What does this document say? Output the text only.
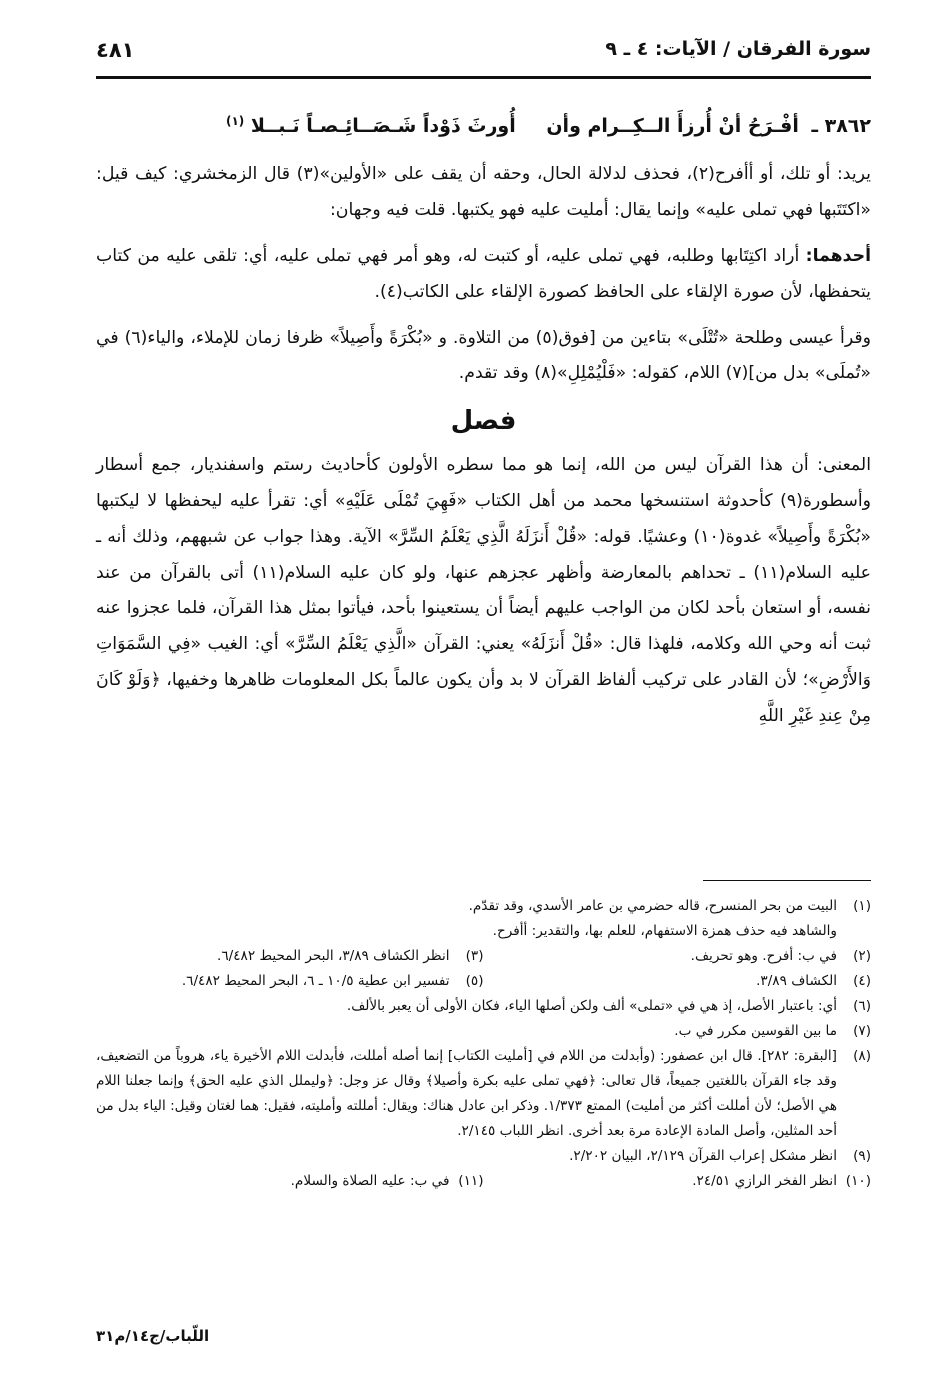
سورة الفرقان / الآيات: ٤ ـ ٩
٤٨١
٣٨٦٢ ـ أفْـرَحُ أنْ أُرزأَ الــكِــرام وأن أُورثَ ذَوْداً شَـصَــائِـصـاً نَـبــلا (١)

يريد: أو تلك، أو أأفرح(٢)، فحذف لدلالة الحال، وحقه أن يقف على «الأولين»(٣) قال الزمخشري: كيف قيل: «اكتَتَبها فهي تملى عليه» وإنما يقال: أمليت عليه فهو يكتبها. قلت فيه وجهان:

أحدهما: أراد اكتِتَابها وطلبه، فهي تملى عليه، أو كتبت له، وهو أمر فهي تملى عليه، أي: تلقى عليه من كتاب يتحفظها، لأن صورة الإلقاء على الحافظ كصورة الإلقاء على الكاتب(٤).

وقرأ عيسى وطلحة «تُتْلَى» بتاءين من [فوق(٥) من التلاوة. و «بُكْرَةً وأَصِيلاً» ظرفا زمان للإملاء، والياء(٦) في «تُملَى» بدل من](٧) اللام، كقوله: «فَلْيُمْلِلِ»(٨) وقد تقدم.

فصل

المعنى: أن هذا القرآن ليس من الله، إنما هو مما سطره الأولون كأحاديث رستم واسفنديار، جمع أسطار وأسطورة(٩) كأحدوثة استنسخها محمد من أهل الكتاب «فَهِيَ تُمْلَى عَلَيْهِ» أي: تقرأ عليه ليحفظها لا ليكتبها «بُكْرَةً وأَصِيلاً» غدوة(١٠) وعشيًا. قوله: «قُلْ أَنزَلَهُ الَّذِي يَعْلَمُ السِّرَّ» الآية. وهذا جواب عن شبههم، وذلك أنه ـ عليه السلام(١١) ـ تحداهم بالمعارضة وأظهر عجزهم عنها، ولو كان عليه السلام(١١) أتى بالقرآن من عند نفسه، أو استعان بأحد لكان من الواجب عليهم أيضاً أن يستعينوا بأحد، فيأتوا بمثل هذا القرآن، فلما عجزوا عنه ثبت أنه وحي الله وكلامه، فلهذا قال: «قُلْ أَنزَلَهُ» يعني: القرآن «الَّذِي يَعْلَمُ السِّرَّ» أي: الغيب «فِي السَّمَوَاتِ وَالأَرْضِ»؛ لأن القادر على تركيب ألفاظ القرآن لا بد وأن يكون عالماً بكل المعلومات ظاهرها وخفيها، ﴿وَلَوْ كَانَ مِنْ عِندِ غَيْرِ اللَّهِ

(١)
البيت من بحر المنسرح، قاله حضرمي بن عامر الأسدي، وقد تقدّم.
والشاهد فيه حذف همزة الاستفهام، للعلم بها، والتقدير: أأفرح.
(٢)
في ب: أفرح. وهو تحريف.
(٣)
انظر الكشاف ٣/٨٩، البحر المحيط ٦/٤٨٢.
(٤)
الكشاف ٣/٨٩.
(٥)
تفسير ابن عطية ١٠/٥ ـ ٦، البحر المحيط ٦/٤٨٢.
(٦)
أي: باعتبار الأصل، إذ هي في «تملى» ألف ولكن أصلها الياء، فكان الأولى أن يعبر بالألف.
(٧)
ما بين القوسين مكرر في ب.
(٨)
[البقرة: ٢٨٢]. قال ابن عصفور: (وأبدلت من اللام في [أمليت الكتاب] إنما أصله أمللت، فأبدلت اللام الأخيرة ياء، هروباً من التضعيف، وقد جاء القرآن باللغتين جميعاً، قال تعالى: ﴿فهي تملى عليه بكرة وأصيلا﴾ وقال عز وجل: ﴿وليملل الذي عليه الحق﴾ وإنما جعلنا اللام هي الأصل؛ لأن أمللت أكثر من أمليت) الممتع ١/٣٧٣. وذكر ابن عادل هناك: ويقال: أمللته وأمليته، فقيل: هما لغتان وقيل: الياء بدل من أحد المثلين، وأصل المادة الإعادة مرة بعد أخرى. انظر اللباب ٢/١٤٥.
(٩)
انظر مشكل إعراب القرآن ٢/١٢٩، البيان ٢/٢٠٢.
(١٠)
انظر الفخر الرازي ٢٤/٥١.
(١١)
في ب: عليه الصلاة والسلام.
اللّباب/ج١٤/م٣١
